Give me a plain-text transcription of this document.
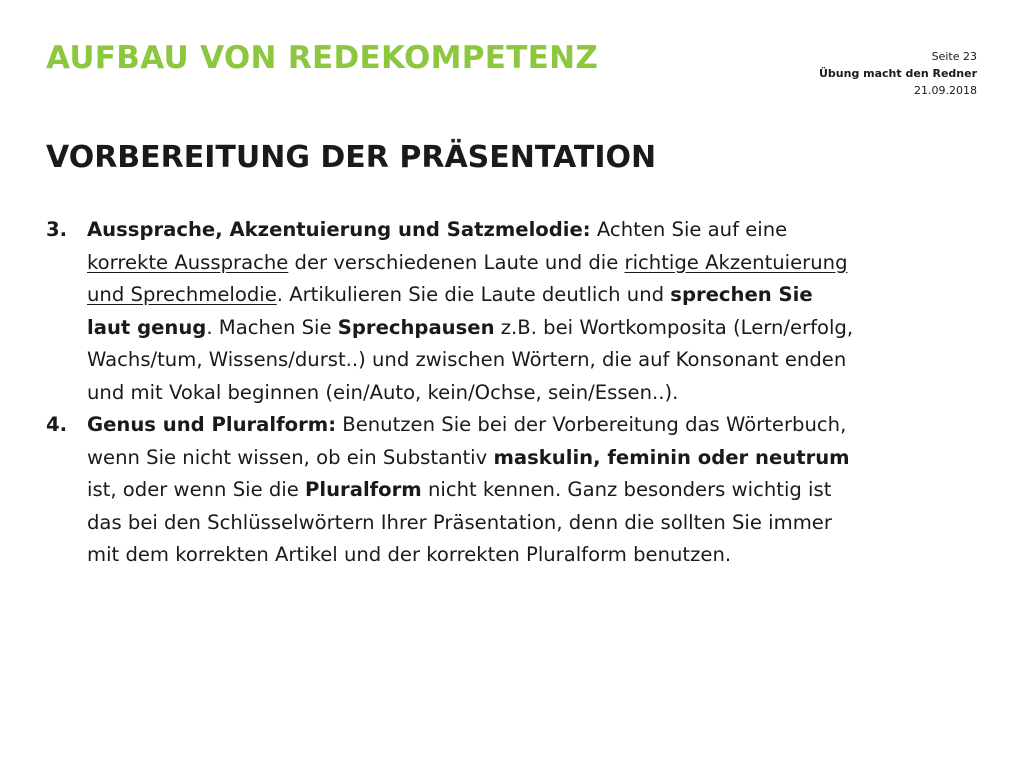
AUFBAU VON REDEKOMPETENZ	Seite 23
Übung macht den Redner
21.09.2018
VORBEREITUNG DER PRÄSENTATION

3. Aussprache, Akzentuierung und Satzmelodie: Achten Sie auf eine korrekte Aussprache der verschiedenen Laute und die richtige Akzentuierung und Sprechmelodie. Artikulieren Sie die Laute deutlich und sprechen Sie laut genug. Machen Sie Sprechpausen z.B. bei Wortkomposita (Lern/erfolg, Wachs/tum, Wissens/durst..) und zwischen Wörtern, die auf Konsonant enden und mit Vokal beginnen (ein/Auto, kein/Ochse, sein/Essen..).

4. Genus und Pluralform: Benutzen Sie bei der Vorbereitung das Wörterbuch, wenn Sie nicht wissen, ob ein Substantiv maskulin, feminin oder neutrum ist, oder wenn Sie die Pluralform nicht kennen. Ganz besonders wichtig ist das bei den Schlüsselwörtern Ihrer Präsentation, denn die sollten Sie immer mit dem korrekten Artikel und der korrekten Pluralform benutzen.
